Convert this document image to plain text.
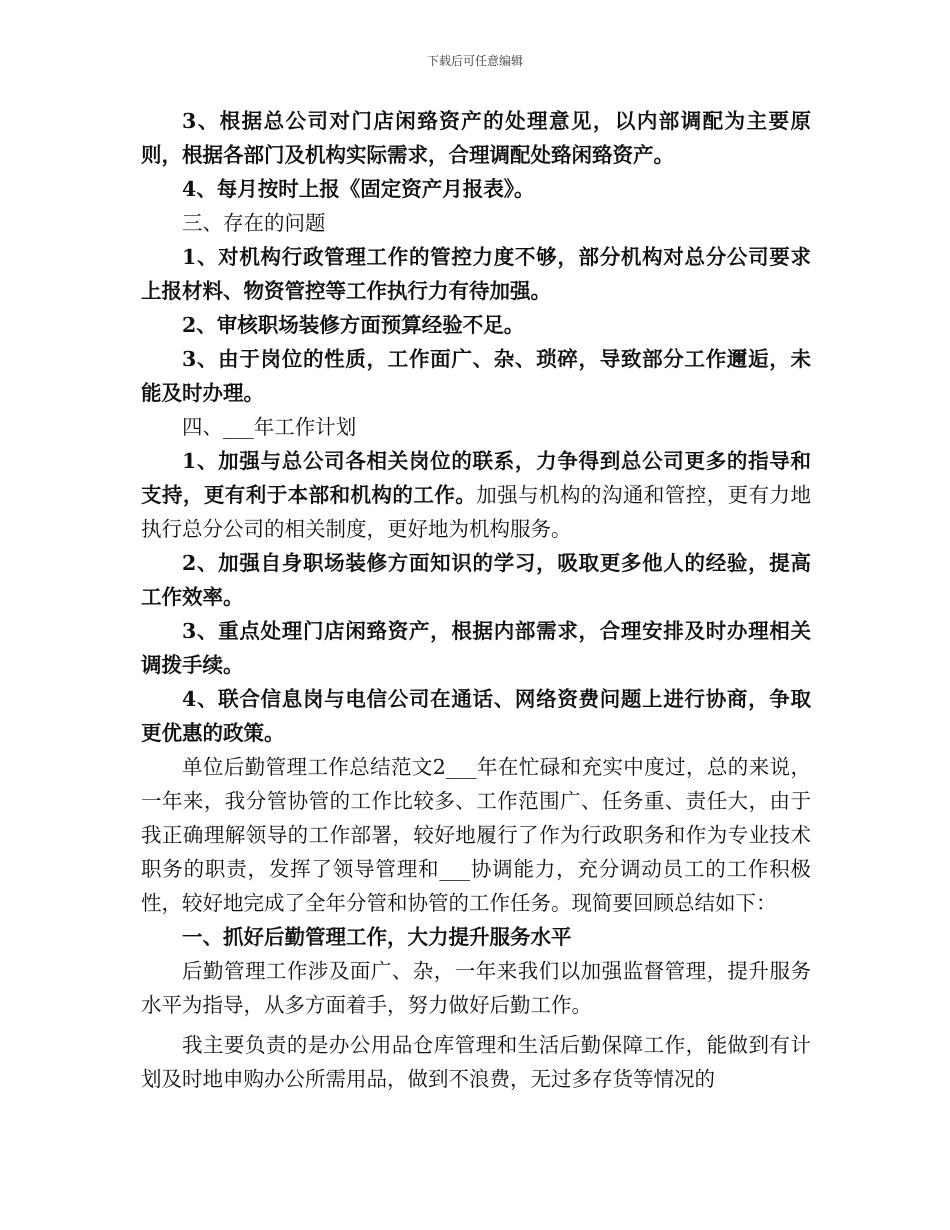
下载后可任意编辑

3、根据总公司对门店闲臵资产的处理意见，以内部调配为主要原则，根据各部门及机构实际需求，合理调配处臵闲臵资产。

4、每月按时上报《固定资产月报表》。

三、存在的问题

1、对机构行政管理工作的管控力度不够，部分机构对总分公司要求上报材料、物资管控等工作执行力有待加强。

2、审核职场装修方面预算经验不足。

3、由于岗位的性质，工作面广、杂、琐碎，导致部分工作邇逅，未能及时办理。

四、___年工作计划

1、加强与总公司各相关岗位的联系，力争得到总公司更多的指导和支持，更有利于本部和机构的工作。加强与机构的沟通和管控，更有力地执行总分公司的相关制度，更好地为机构服务。

2、加强自身职场装修方面知识的学习，吸取更多他人的经验，提高工作效率。

3、重点处理门店闲臵资产，根据内部需求，合理安排及时办理相关调拨手续。

4、联合信息岗与电信公司在通话、网络资费问题上进行协商，争取更优惠的政策。

单位后勤管理工作总结范文2___年在忙碌和充实中度过，总的来说，一年来，我分管协管的工作比较多、工作范围广、任务重、责任大，由于我正确理解领导的工作部署，较好地履行了作为行政职务和作为专业技术职务的职责，发挥了领导管理和___协调能力，充分调动员工的工作积极性，较好地完成了全年分管和协管的工作任务。现简要回顾总结如下：

一、抓好后勤管理工作，大力提升服务水平

后勤管理工作涉及面广、杂，一年来我们以加强监督管理，提升服务水平为指导，从多方面着手，努力做好后勤工作。

我主要负责的是办公用品仓库管理和生活后勤保障工作，能做到有计划及时地申购办公所需用品，做到不浪费，无过多存货等情况的
